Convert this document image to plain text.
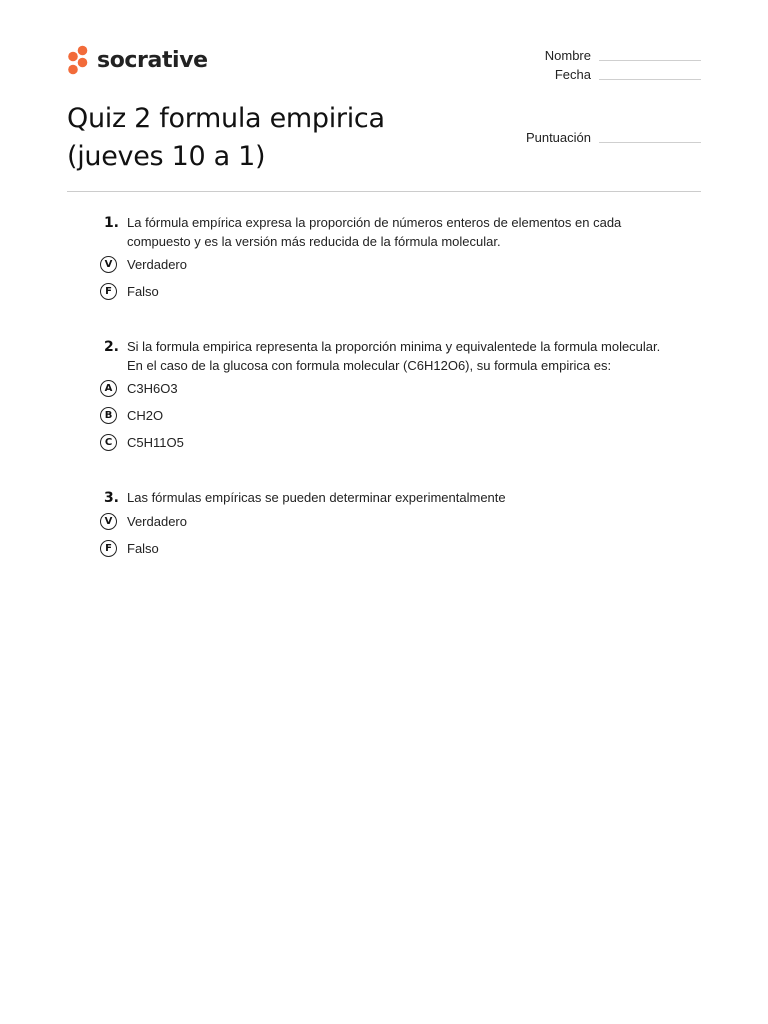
socrative	Nombre
Fecha
Puntuación
Quiz 2 formula empirica
(jueves 10 a 1)
1. La fórmula empírica expresa la proporción de números enteros de elementos en cada
compuesto y es la versión más reducida de la fórmula molecular.
V	Verdadero
F	Falso
2. Si la formula empirica representa la proporción minima y equivalentede la formula molecular.
En el caso de la glucosa con formula molecular (C6H12O6), su formula empirica es:
A	C3H6O3
B	CH2O
C	C5H11O5
3. Las fórmulas empíricas se pueden determinar experimentalmente
V	Verdadero
F	Falso
